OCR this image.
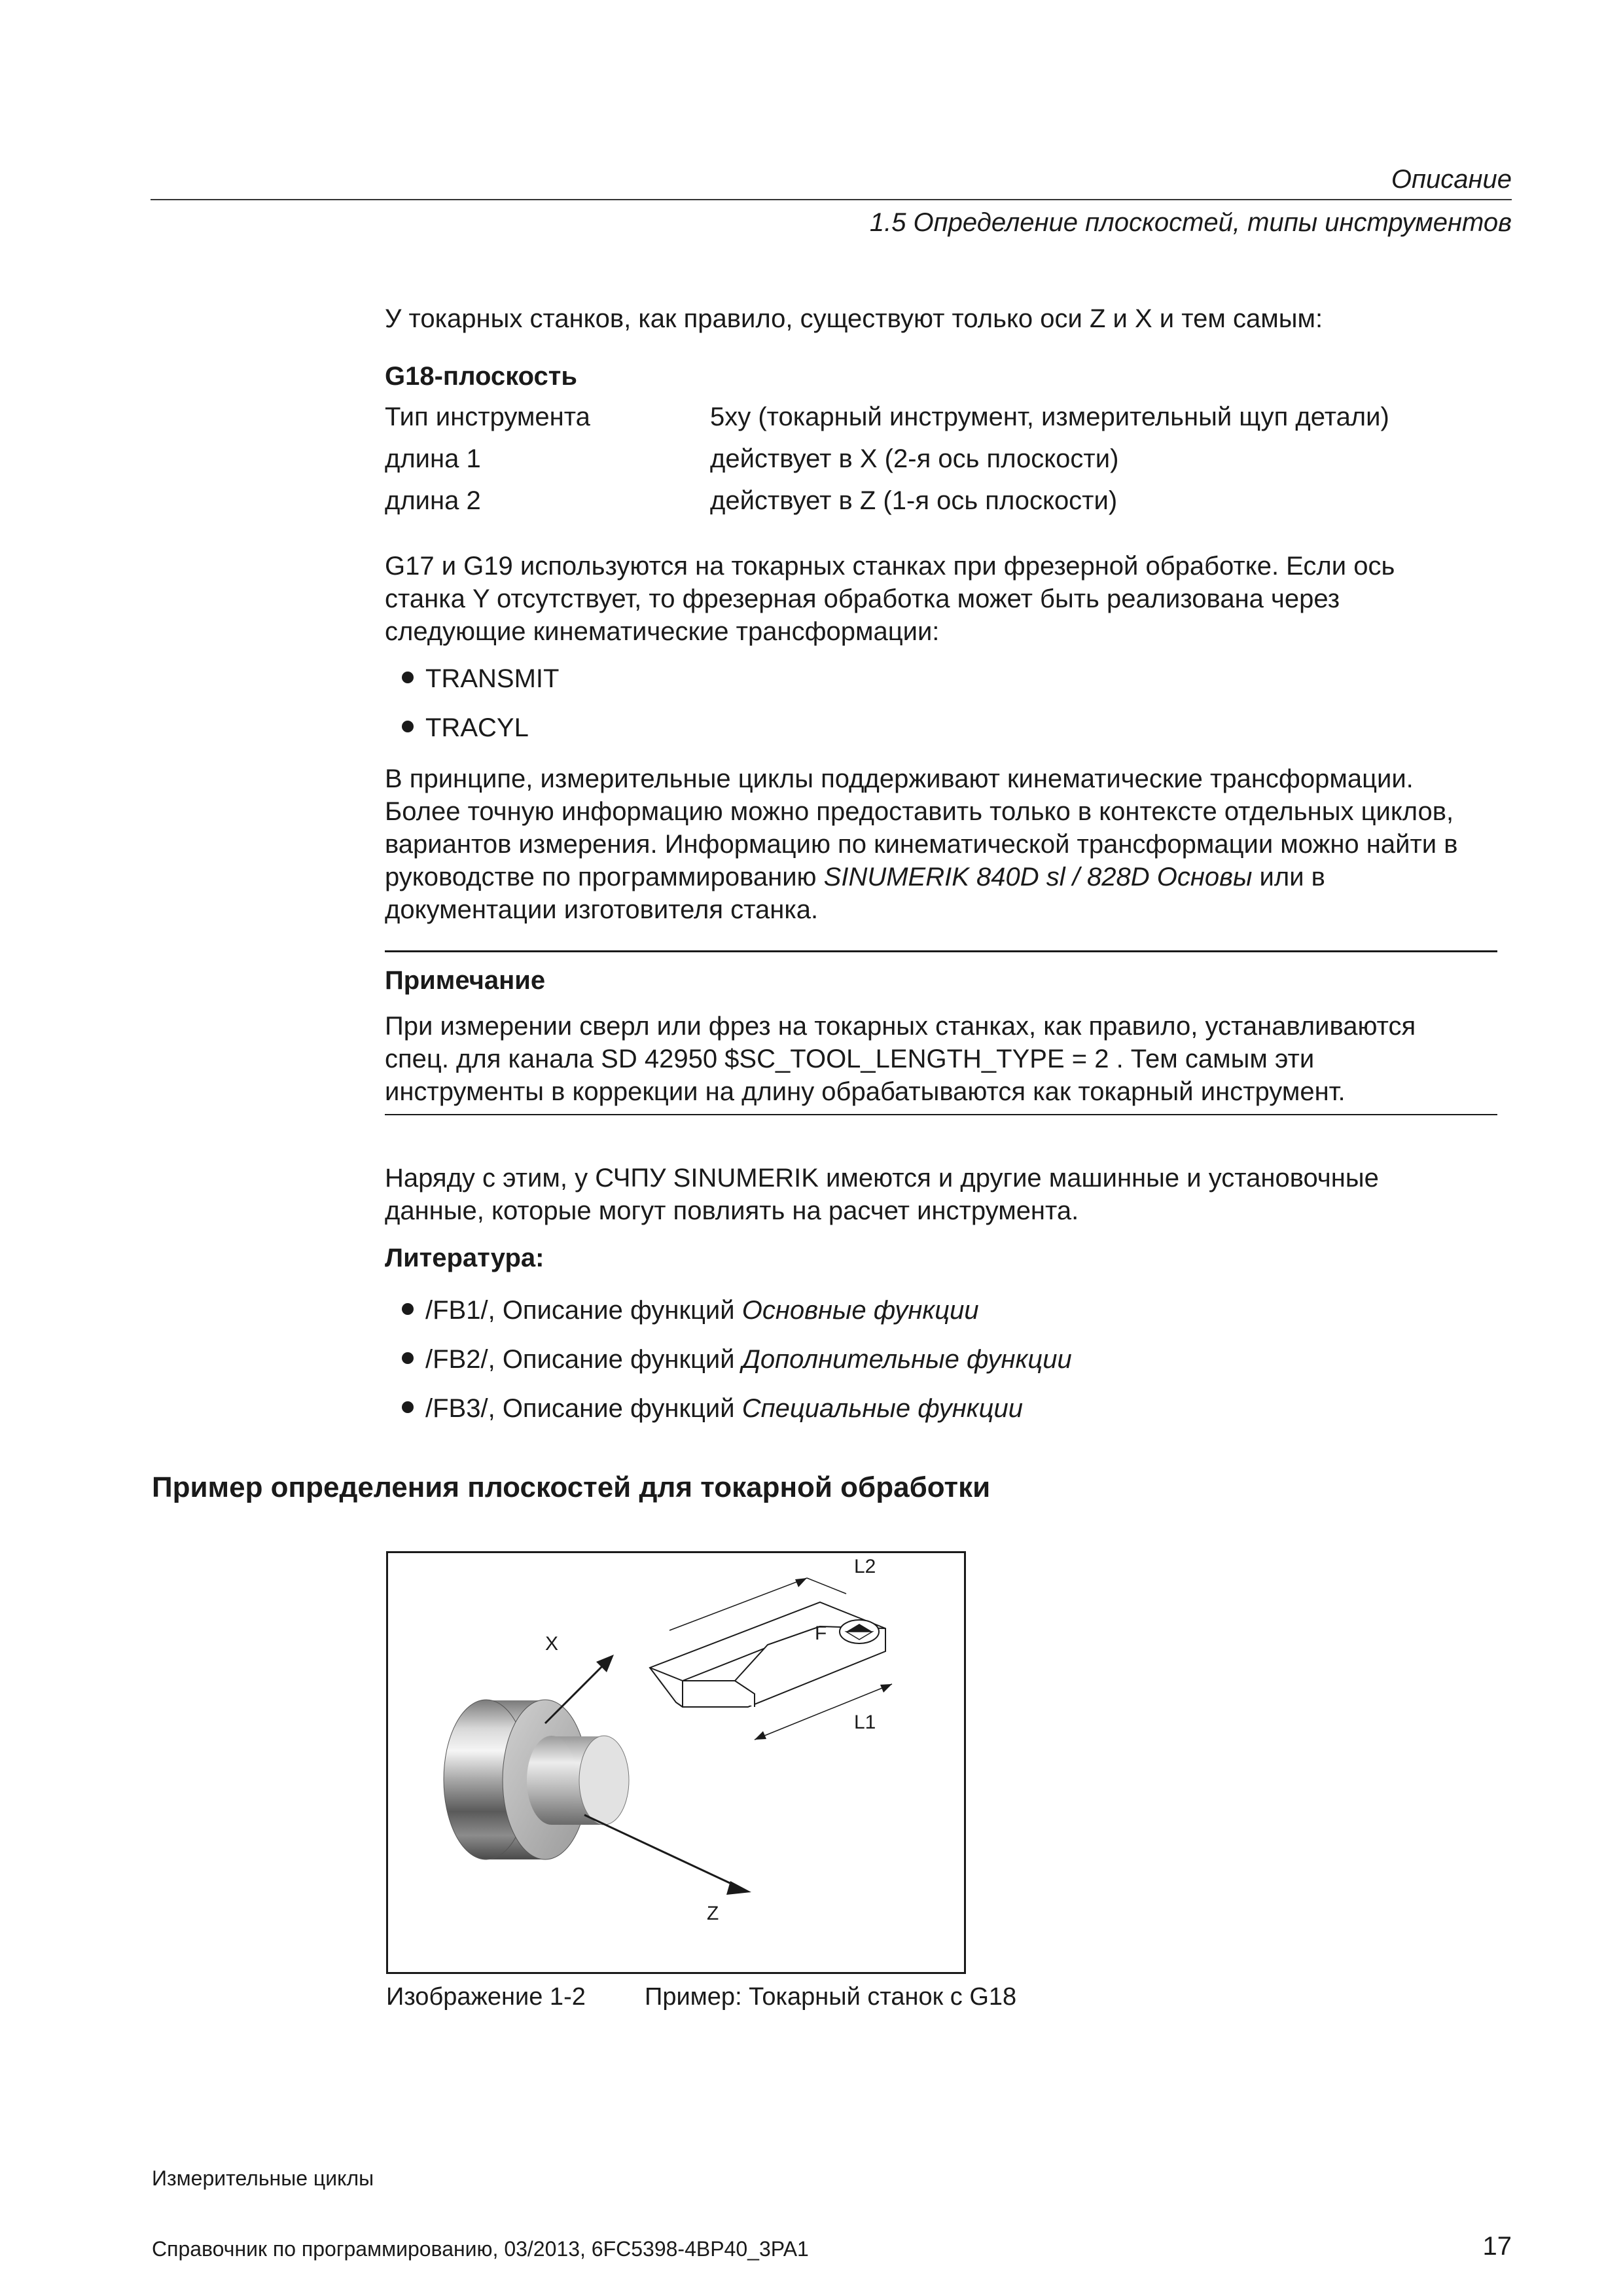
Описание
1.5 Определение плоскостей, типы инструментов
У токарных станков, как правило, существуют только оси Z и X и тем самым:
G18-плоскость
Тип инструмента	5xy (токарный инструмент, измерительный щуп детали)
длина 1	действует в X (2-я ось плоскости)
длина 2	действует в Z (1-я ось плоскости)
G17 и G19 используются на токарных станках при фрезерной обработке. Если ось
станка Y отсутствует, то фрезерная обработка может быть реализована через
следующие кинематические трансформации:
TRANSMIT
TRACYL
В принципе, измерительные циклы поддерживают кинематические трансформации.
Более точную информацию можно предоставить только в контексте отдельных циклов,
вариантов измерения. Информацию по кинематической трансформации можно найти в
руководстве по программированию SINUMERIK 840D sl / 828D Основы или в
документации изготовителя станка.
Примечание
При измерении сверл или фрез на токарных станках, как правило, устанавливаются
спец. для канала SD 42950 $SC_TOOL_LENGTH_TYPE = 2 . Тем самым эти
инструменты в коррекции на длину обрабатываются как токарный инструмент.
Наряду с этим, у СЧПУ SINUMERIK имеются и другие машинные и установочные
данные, которые могут повлиять на расчет инструмента.
Литература:
/FB1/, Описание функций Основные функции
/FB2/, Описание функций Дополнительные функции
/FB3/, Описание функций Специальные функции
Пример определения плоскостей для токарной обработки
X
Z
L2
L1
F
Изображение 1-2 Пример: Токарный станок с G18
Измерительные циклы
Справочник по программированию, 03/2013, 6FC5398-4BP40_3PA1	17
